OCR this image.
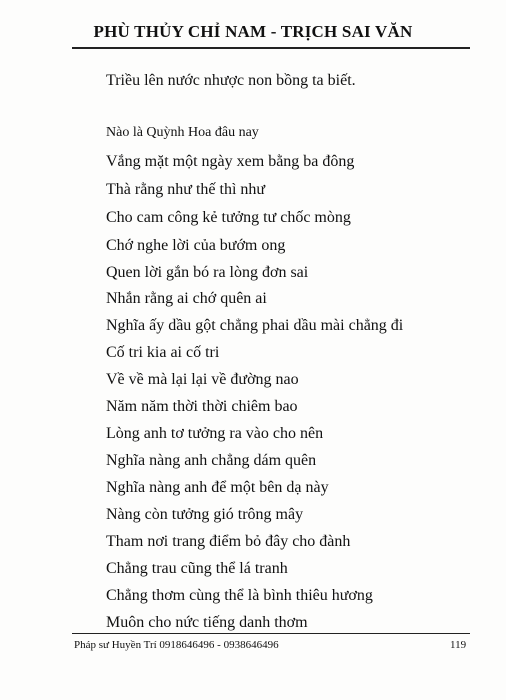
PHÙ THỦY CHỈ NAM - TRỊCH SAI VĂN
Triều lên nước nhược non bồng ta biết.
Nào là Quỳnh Hoa đâu nay
Vắng mặt một ngày xem bằng ba đông
Thà rằng như thế thì như
Cho cam công kẻ tưởng tư chốc mòng
Chớ nghe lời của bướm ong
Quen lời gắn bó ra lòng đơn sai
Nhắn rằng ai chớ quên ai
Nghĩa ấy dầu gột chẳng phai dầu mài chẳng đi
Cố tri kia ai cố tri
Về về mà lại lại về đường nao
Năm năm thời thời chiêm bao
Lòng anh tơ tưởng ra vào cho nên
Nghĩa nàng anh chẳng dám quên
Nghĩa nàng anh để một bên dạ này
Nàng còn tưởng gió trông mây
Tham nơi trang điểm bỏ đây cho đành
Chẳng trau cũng thể lá tranh
Chẳng thơm cùng thể là bình thiêu hương
Muôn cho nức tiếng danh thơm
Pháp sư Huyền Trí 0918646496 - 0938646496	119
